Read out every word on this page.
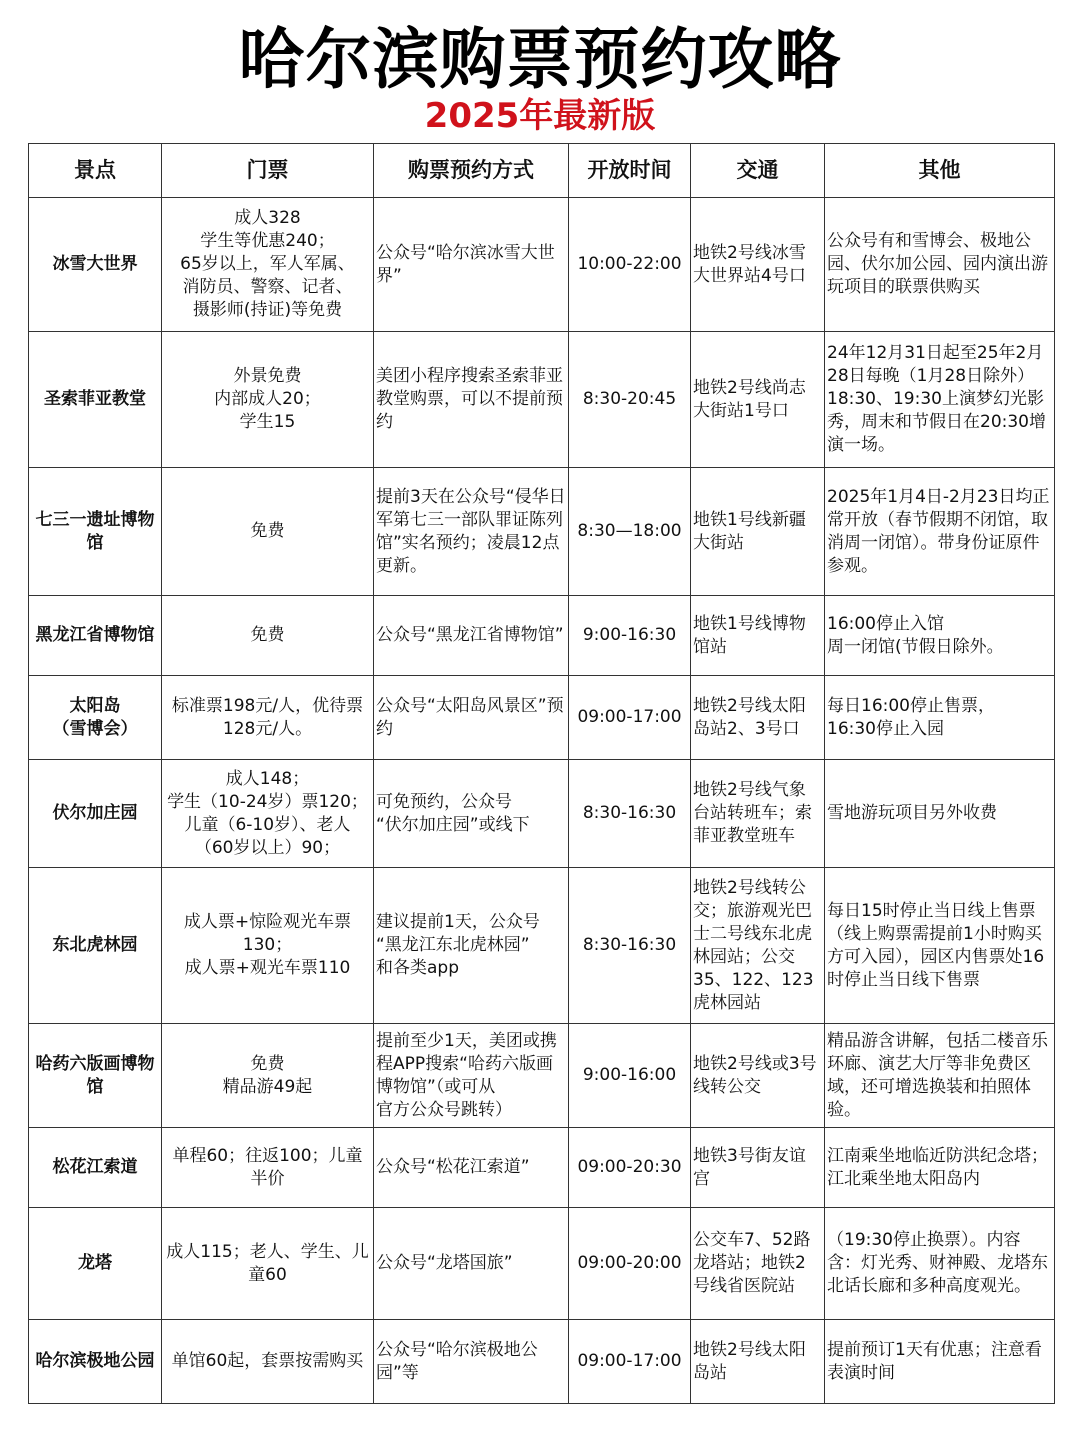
哈尔滨购票预约攻略
2025年最新版
景点	门票	购票预约方式	开放时间	交通	其他
冰雪大世界	成人328
学生等优惠240；
65岁以上，军人军属、
消防员、警察、记者、
摄影师(持证)等免费	公众号“哈尔滨冰雪大世界”	10:00-22:00	地铁2号线冰雪大世界站4号口	公众号有和雪博会、极地公园、伏尔加公园、园内演出游玩项目的联票供购买
圣索菲亚教堂	外景免费
内部成人20；
学生15	美团小程序搜索圣索菲亚教堂购票，可以不提前预约	8:30-20:45	地铁2号线尚志大街站1号口	24年12月31日起至25年2月28日每晚（1月28日除外）18:30、19:30上演梦幻光影秀，周末和节假日在20:30增演一场。
七三一遗址博物馆	免费	提前3天在公众号“侵华日军第七三一部队罪证陈列馆”实名预约；凌晨12点更新。	8:30—18:00	地铁1号线新疆大街站	2025年1月4日-2月23日均正常开放（春节假期不闭馆，取消周一闭馆）。带身份证原件参观。
黑龙江省博物馆	免费	公众号“黑龙江省博物馆”	9:00-16:30	地铁1号线博物馆站	16:00停止入馆
周一闭馆(节假日除外。
太阳岛
（雪博会）	标准票198元/人，优待票128元/人。	公众号“太阳岛风景区”预约	09:00-17:00	地铁2号线太阳岛站2、3号口	每日16:00停止售票，
16:30停止入园
伏尔加庄园	成人148；
学生（10-24岁）票120；
儿童（6-10岁）、老人
（60岁以上）90；	可免预约，公众号
“伏尔加庄园”或线下	8:30-16:30	地铁2号线气象台站转班车；索菲亚教堂班车	雪地游玩项目另外收费
东北虎林园	成人票+惊险观光车票
130；
成人票+观光车票110	建议提前1天，公众号
“黑龙江东北虎林园”
和各类app	8:30-16:30	地铁2号线转公交；旅游观光巴士二号线东北虎林园站；公交35、122、123虎林园站	每日15时停止当日线上售票（线上购票需提前1小时购买方可入园），园区内售票处16时停止当日线下售票
哈药六版画博物馆	免费
精品游49起	提前至少1天，美团或携程APP搜索“哈药六版画博物馆”（或可从
官方公众号跳转）	9:00-16:00	地铁2号线或3号线转公交	精品游含讲解，包括二楼音乐环廊、演艺大厅等非免费区域，还可增选换装和拍照体验。
松花江索道	单程60；往返100；儿童半价	公众号“松花江索道”	09:00-20:30	地铁3号街友谊宫	江南乘坐地临近防洪纪念塔；江北乘坐地太阳岛内
龙塔	成人115；老人、学生、儿童60	公众号“龙塔国旅”	09:00-20:00	公交车7、52路龙塔站；地铁2号线省医院站	（19:30停止换票）。内容含：灯光秀、财神殿、龙塔东北话长廊和多种高度观光。
哈尔滨极地公园	单馆60起，套票按需购买	公众号“哈尔滨极地公园”等	09:00-17:00	地铁2号线太阳岛站	提前预订1天有优惠；注意看表演时间
